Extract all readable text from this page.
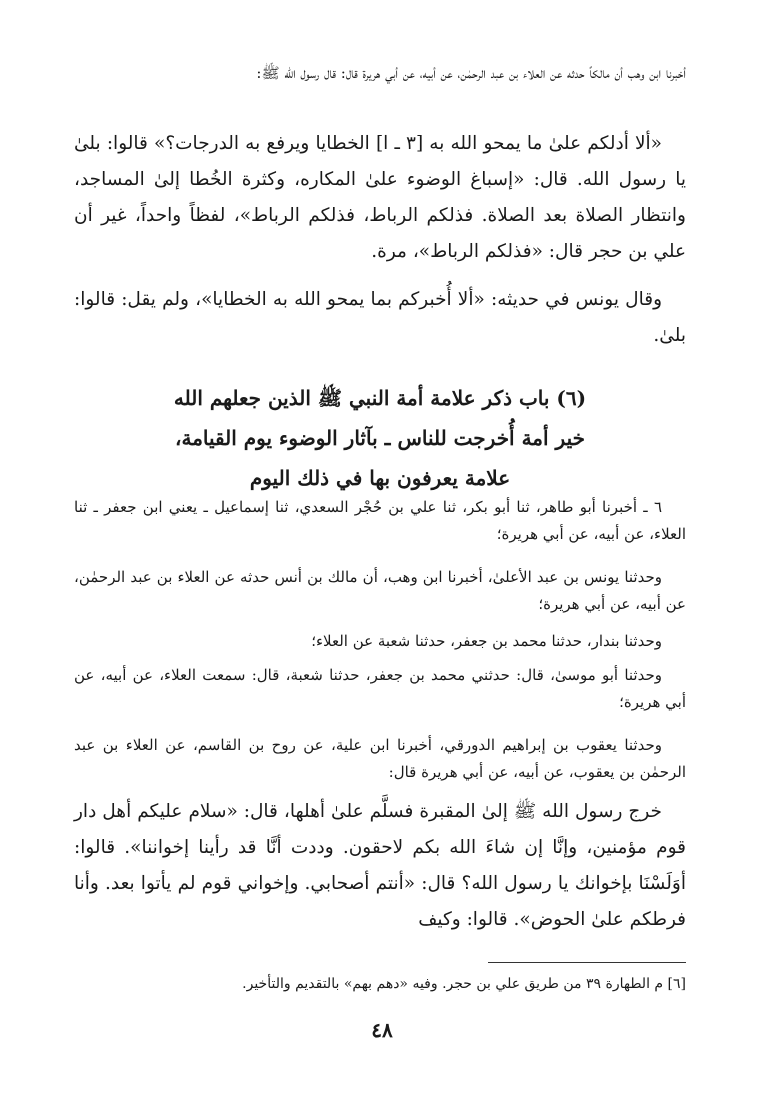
أخبرنا ابن وهب أن مالكاً حدثه عن العلاء بن عبد الرحمٰن، عن أبيه، عن أبي هريرة قال: قال رسول الله ﷺ:

«ألا أدلكم علىٰ ما يمحو الله به [٣ ـ ا] الخطايا ويرفع به الدرجات؟» قالوا: بلىٰ يا رسول الله. قال: «إسباغ الوضوء علىٰ المكاره، وكثرة الخُطا إلىٰ المساجد، وانتظار الصلاة بعد الصلاة. فذلكم الرباط، فذلكم الرباط»، لفظاً واحداً، غير أن علي بن حجر قال: «فذلكم الرباط»، مرة.

وقال يونس في حديثه: «ألا أُخبركم بما يمحو الله به الخطايا»، ولم يقل: قالوا: بلىٰ.

(٦) باب ذكر علامة أمة النبي ﷺ الذين جعلهم الله

خير أمة أُخرجت للناس ـ بآثار الوضوء يوم القيامة،

علامة يعرفون بها في ذلك اليوم

٦ ـ أخبرنا أبو طاهر، ثنا أبو بكر، ثنا علي بن حُجْر السعدي، ثنا إسماعيل ـ يعني ابن جعفر ـ ثنا العلاء، عن أبيه، عن أبي هريرة؛

وحدثنا يونس بن عبد الأعلىٰ، أخبرنا ابن وهب، أن مالك بن أنس حدثه عن العلاء بن عبد الرحمٰن، عن أبيه، عن أبي هريرة؛

وحدثنا بندار، حدثنا محمد بن جعفر، حدثنا شعبة عن العلاء؛

وحدثنا أبو موسىٰ، قال: حدثني محمد بن جعفر، حدثنا شعبة، قال: سمعت العلاء، عن أبيه، عن أبي هريرة؛

وحدثنا يعقوب بن إبراهيم الدورقي، أخبرنا ابن علية، عن روح بن القاسم، عن العلاء بن عبد الرحمٰن بن يعقوب، عن أبيه، عن أبي هريرة قال:

خرج رسول الله ﷺ إلىٰ المقبرة فسلَّم علىٰ أهلها، قال: «سلام عليكم أهل دار قوم مؤمنين، وإنَّا إن شاءَ الله بكم لاحقون. وددت أنَّا قد رأينا إخواننا». قالوا: أوَلَسْنَا بإخوانك يا رسول الله؟ قال: «أنتم أصحابي. وإخواني قوم لم يأتوا بعد. وأنا فرطكم علىٰ الحوض». قالوا: وكيف

[٦] م الطهارة ٣٩ من طريق علي بن حجر. وفيه «دهم بهم» بالتقديم والتأخير.

٤٨
